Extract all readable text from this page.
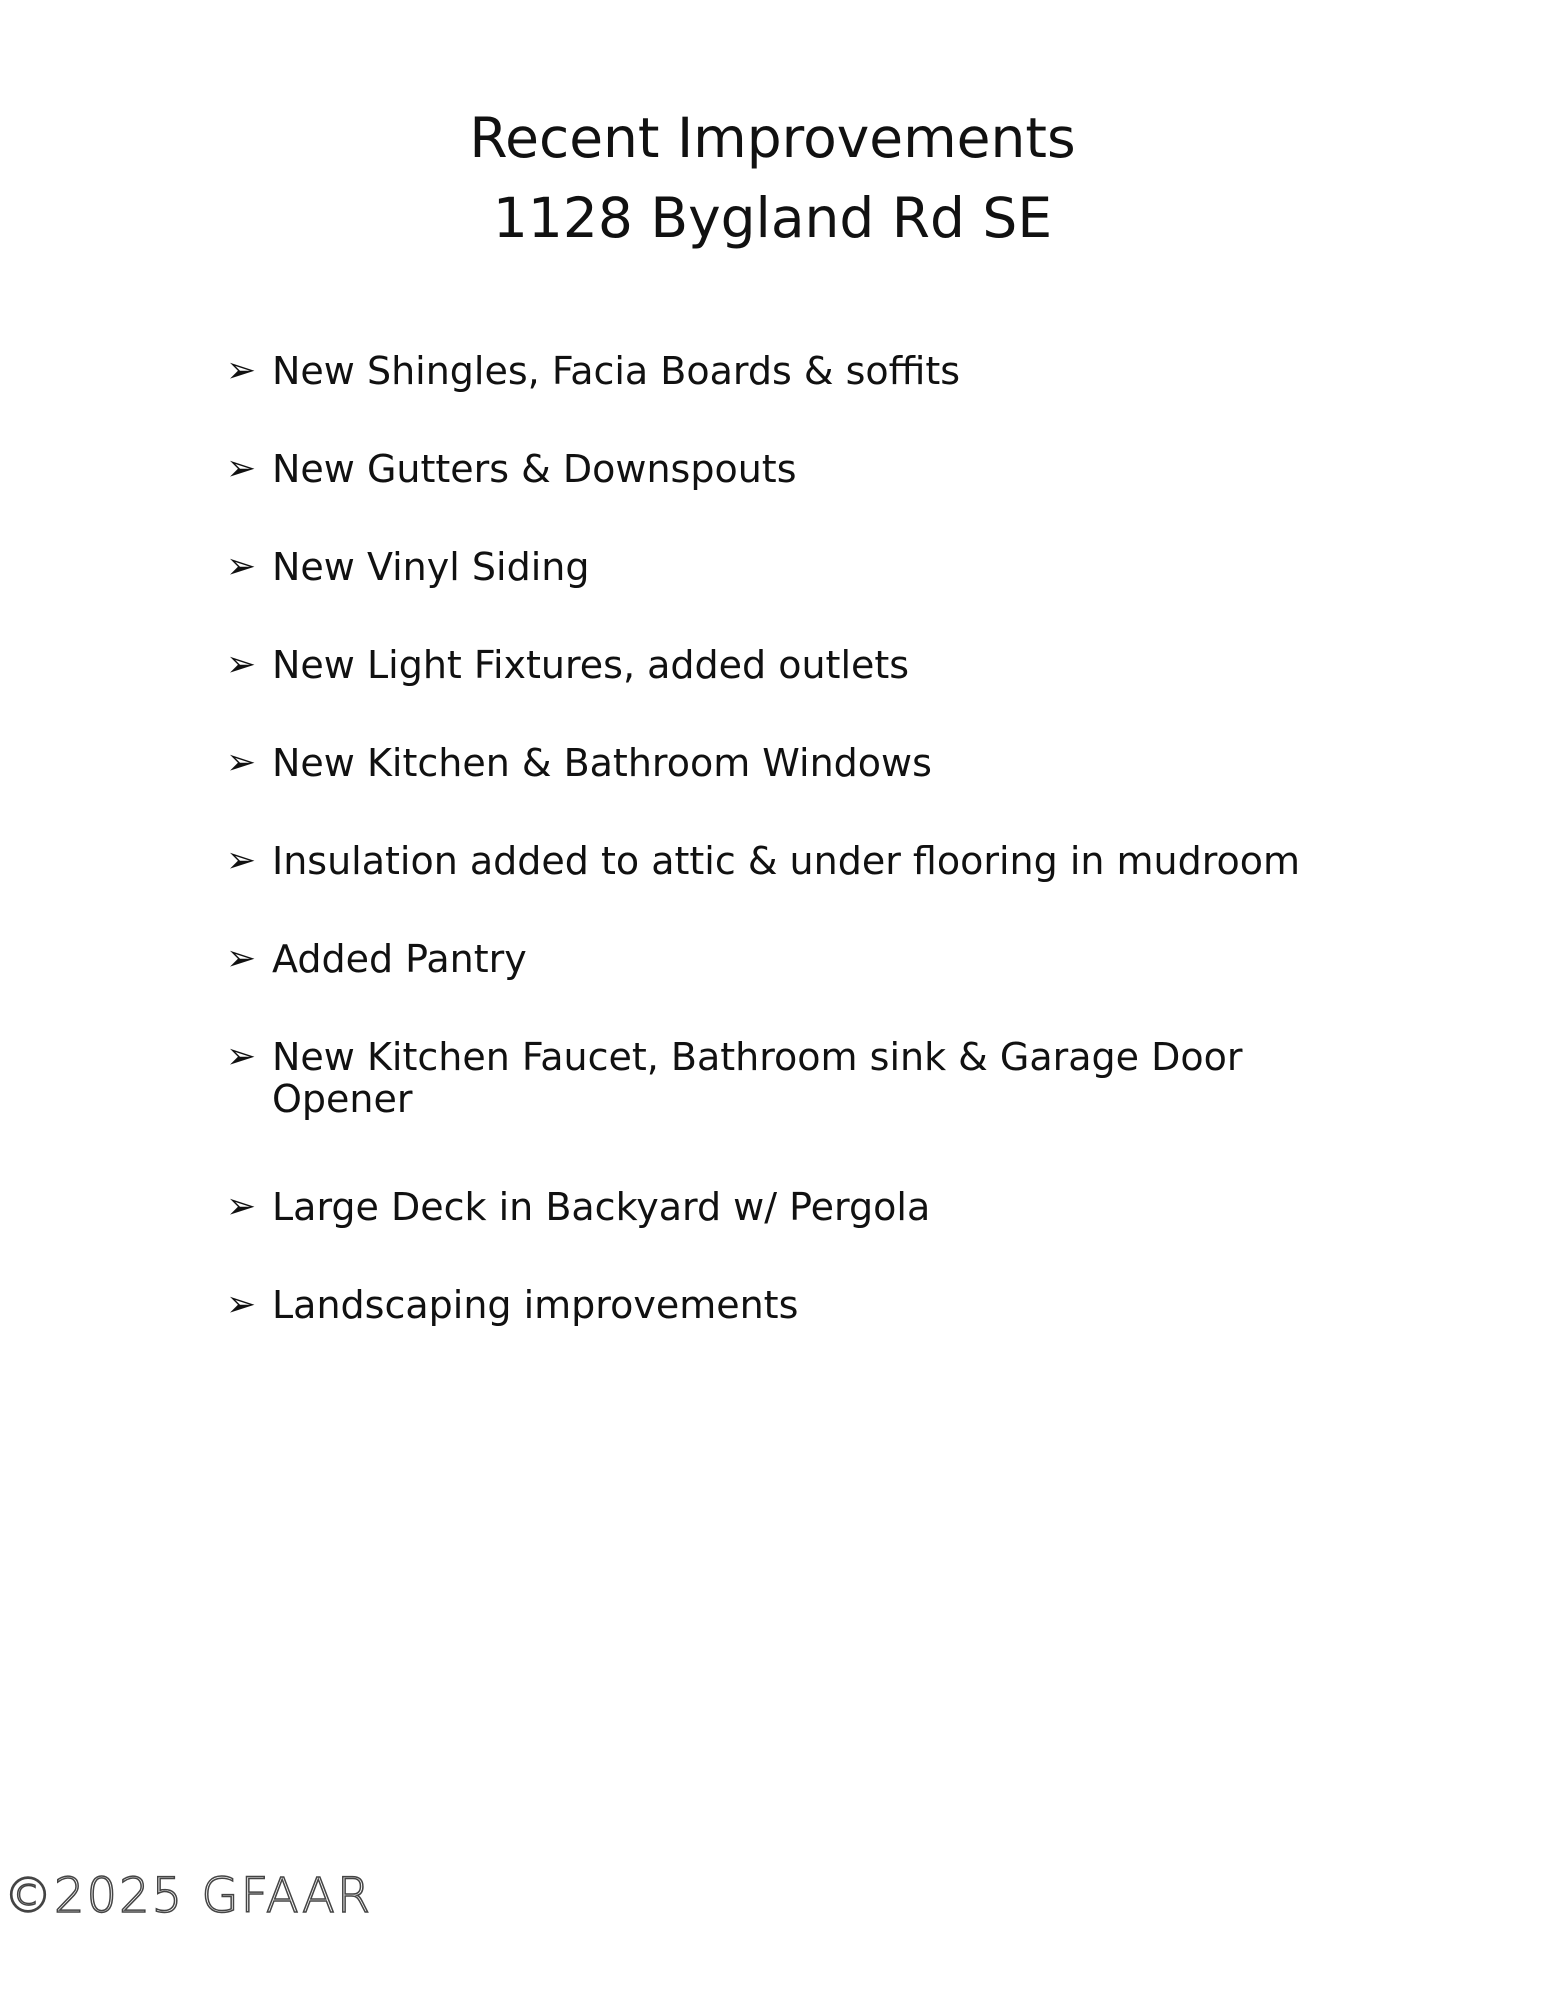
Recent Improvements
1128 Bygland Rd SE
➢ New Shingles, Facia Boards & soffits
➢ New Gutters & Downspouts
➢ New Vinyl Siding
➢ New Light Fixtures, added outlets
➢ New Kitchen & Bathroom Windows
➢ Insulation added to attic & under flooring in mudroom
➢ Added Pantry
➢ New Kitchen Faucet, Bathroom sink & Garage Door Opener
➢ Large Deck in Backyard w/ Pergola
➢ Landscaping improvements
©2025 GFAAR
